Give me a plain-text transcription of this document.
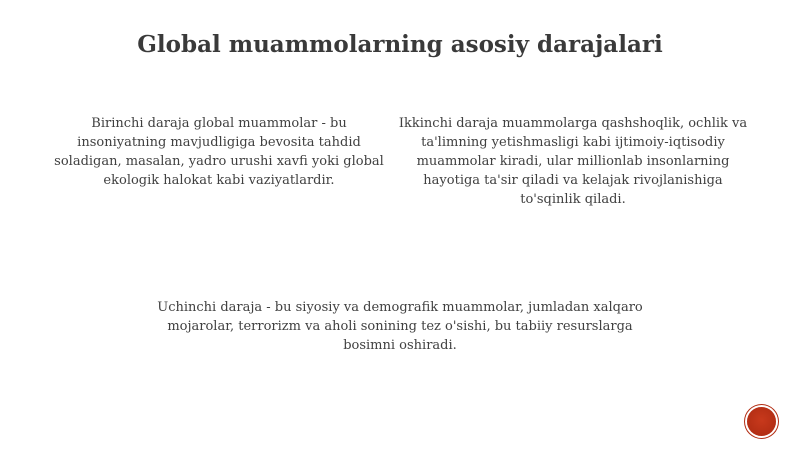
Global muammolarning asosiy darajalari

Birinchi daraja global muammolar - bu insoniyatning mavjudligiga bevosita tahdid soladigan, masalan, yadro urushi xavfi yoki global ekologik halokat kabi vaziyatlardir.

Ikkinchi daraja muammolarga qashshoqlik, ochlik va ta'limning yetishmasligi kabi ijtimoiy-iqtisodiy muammolar kiradi, ular millionlab insonlarning hayotiga ta'sir qiladi va kelajak rivojlanishiga to'sqinlik qiladi.

Uchinchi daraja - bu siyosiy va demografik muammolar, jumladan xalqaro mojarolar, terrorizm va aholi sonining tez o'sishi, bu tabiiy resurslarga bosimni oshiradi.
